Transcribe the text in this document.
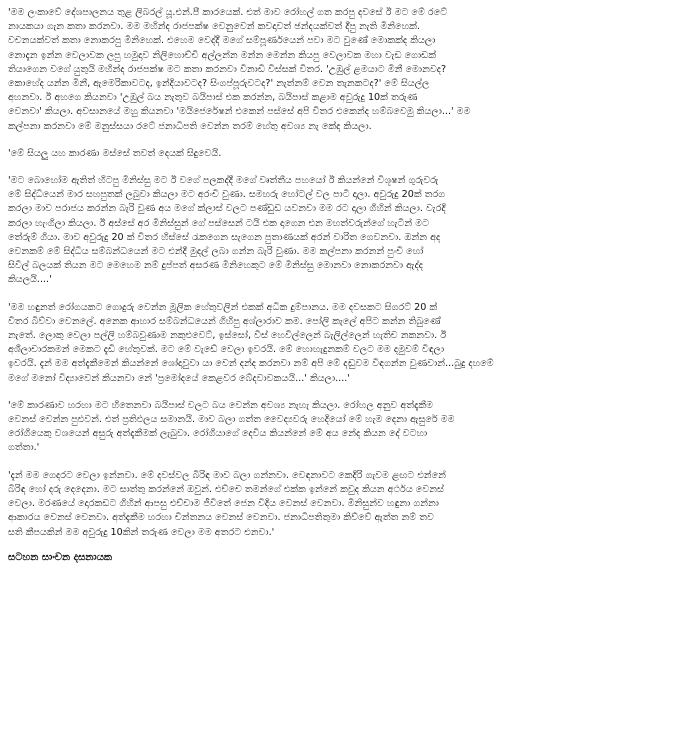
'මම ලංකාවේ දේශපාලනය තුළ ලිබරල් යූ.එන්.පී කාරයෙක්. එත් මාව රෝහල් ගත කරපු දවසේ ඊ මට මේ රටේ
නායකයා ගැන කතා කරනවා. මම මහින්ද රාජපක්ෂ වෙනුවෙන් කවදාවත් ඡන්දයක්වත් දීපු නැති මිනිහෙක්.
වචනයක්වත් කතා නොකරපු මිනිහෙක්. එහෙම වෙද්දී මගේ සම්පූර්ණයෙන් පවා මට වුණේ මොකක්ද කියලා
නොදැන ඉන්න වෙලාවක ලපු හමුදාව නිලිහොච්චි අල්ලන්න මන්න මෙන්න කියපු වෙලාවක මහා වැඩ ගොඩක්
තියාගෙන වගේ යුතුයි මහින්ද රාජපක්ෂ මට කතා කරනවා විනාඩි විස්සක් විතර. 'උඹුල් ළමයාට මිනී මොනවද?
කොහේද යන්න මිනී, ඇමෙරිකාවටද, ඉන්දියාවටද? සිංගප්පූරුවටද?' නැත්නම් වෙන තැනකටද?' මේ සියල්ල
අහනවා. ඊ අහගෙ කියනවා 'උඹුල් බය නැතුව බයිපාස් එක කරන්න, බයිපාස් කළාම අවුරුදු 10ක් තරුණ
වෙනවා' කියලා. අවසානයේ මහු කියනවා 'මයිජෙරේෂන් එකෙන් පස්සේ අපි විතර එකෙන්ද හම්බවෙමු කියලා...' මම
කල්පනා කරනවා මේ මනුස්සයා රටේ ජනාධිපති වෙන්න තරම් හේතු අවශ්‍ය නැ කේද කියලා.

'මේ සියලු යහ කාරණා මස්සේ තවත් දෙයක් සිදුවෙයි.

'මට බොහෝම ඇතිත් හිටපු මිනිස්සු මට ඊ වගේ පලකද්දී මගේ වෘත්තීය පහයෝ ඊ කියන්නේ විශූෂන් ගුරුවරු
මේ සිද්ධියෙන් මාර සහපුතක් ලබුවා කියලා මට අරංචි වුණා. සමහරු හෝටල් වල පාටි දාලා. අවුරුදු 20ක් තරග
කරලා මාව පරාජය කරන්න බැරි වුණ අය මගේ ක්ලාස් වලට පණ්ඩුඩ යවනවා මම රට දාලා ගිහින් කියලා. වැරදි
කරලා හැංගිලා කියලා. ඊ අස්සේ අර මිනිස්සුන් ගේ පස්සෙන් ටයි එක දාගෙන එන මහත්වරුන්ගේ හැටින් මට
තේරුම් ගියා. මාව අවුරුදු 20 ක් විතර හිස්සේ රැකගෙන සැගෙන පුතාණයක් අරන් වාරිත ගෙවනවා. ඔන්න අද
වෙනකම් මේ සිද්ධිය සම්බන්ධයෙන් මට එන්දී මුදල් ලබා ගන්න බැරි වුණා. මම කල්පනා කරනන් පුංචි හෝ
සිවිල් බලයක් තියන මට මෙහෙම නම් දුප්පත් අසරණ මිනිහෙකුට මේ මිනිස්සු මොනවා නොකරනවා ඇද්ද
කියලයි....'

'මම හඳුනත් රෝගයකට ගොදුරු වෙන්න මූලික හේතුවලින් එකක් අධික දුම්පානය. මම දවසකට සිගරට් 20 ක්
විතර බිව්වා වෙනලේ. අනෙක ආහාර සම්බන්ධයෙන් ගිහිපු අශ්ලාරාව කම. පෝලි කැලේ අපිට කන්න තිබුණේ
නැතේ. ලොකු වෙලා පල්ලි හම්බවුණාම නකුළුවෙට්, ඉස්සෝ, වීස් හෙවිල්ලෙන් බැලිල්ලෙන් හැතිච නකනවා. ඊ
අශීලාචාරකමන් මෙකට දැඩි හේතුවක්. මට මේ වැඩේ වෙලා ඉවරයි. මේ හොහැදුනකම් වලට මම දමුවම් විඳලා
ඉවරයි. දැන් මම අත්දැකීමෙන් කියන්නේ ශෝදාවුවා යා වෙන් දන්ද කරනවා නම් අපි මේ දඬුවම විඳගන්න වුණවාන්...බුදු දහමේ
මගේ මනෝ විද්‍යාවෙන් කියනවා නේ 'ප්‍රමෝදයේ කෙළවර බේදවාවකයයි...' කියලා....'

'මේ කාරණාව හරහා මට හිතෙනවා බයිපාස් වලට බය වෙන්න අවශ්‍ය නැහැ කියලා. රෝහල අනුව අත්දැකීම
වෙනස් වෙන්න පුළුවන්. එත් ප්‍රතිඵලය සමානයි. මාව බලා ගත්ත වෛද්‍යවරු හෙදියෝ මේ හැම දෙනා ඇසුරේ මම
රෝගියෙකු වශයෙන් අසුරු අත්දැකීමක් ලැබුවා. රෝගියාගේ දෙවිය කියන්නේ මේ අය නේද කියන දේ වටහා
ගත්තා.'

'දැන් මම ගෙදරට වෙලා ඉන්නවා. මේ දවස්වල බිරිඳ මාව බලා ගන්නවා. වෙඳනාවට කෙදිරි ගැවම ළඟට එන්නේ
බිරිඳ හෝ දරු දෙදෙනා. මට සාත්තු කරන්නේ ඔවුන්. එච්චෙ තමන්ගේ එක්ක ඉන්නේ කවුද කියන අර්ථය වෙනස්
වෙලා. මරණයේ දොරකඩට ගිහින් ආපසු එච්චාම ජීවිතේ ජෙන විදිය වෙනස් වෙනවා. මිනිසුන්ව හඳුනා ගන්නා
ආකාරය වෙනස් වෙනවා. අත්දැකීම හරහා චින්තනය වෙනස් වෙනවා. ජනාධිපතිතුමා කිව්වේ ඇත්ත නම් තව
සති කීපයකින් මම අවුරුදු 10කින් තරුණ වෙලා මම අතරට එනවා.'

සටහන සාංචන දසනායක
